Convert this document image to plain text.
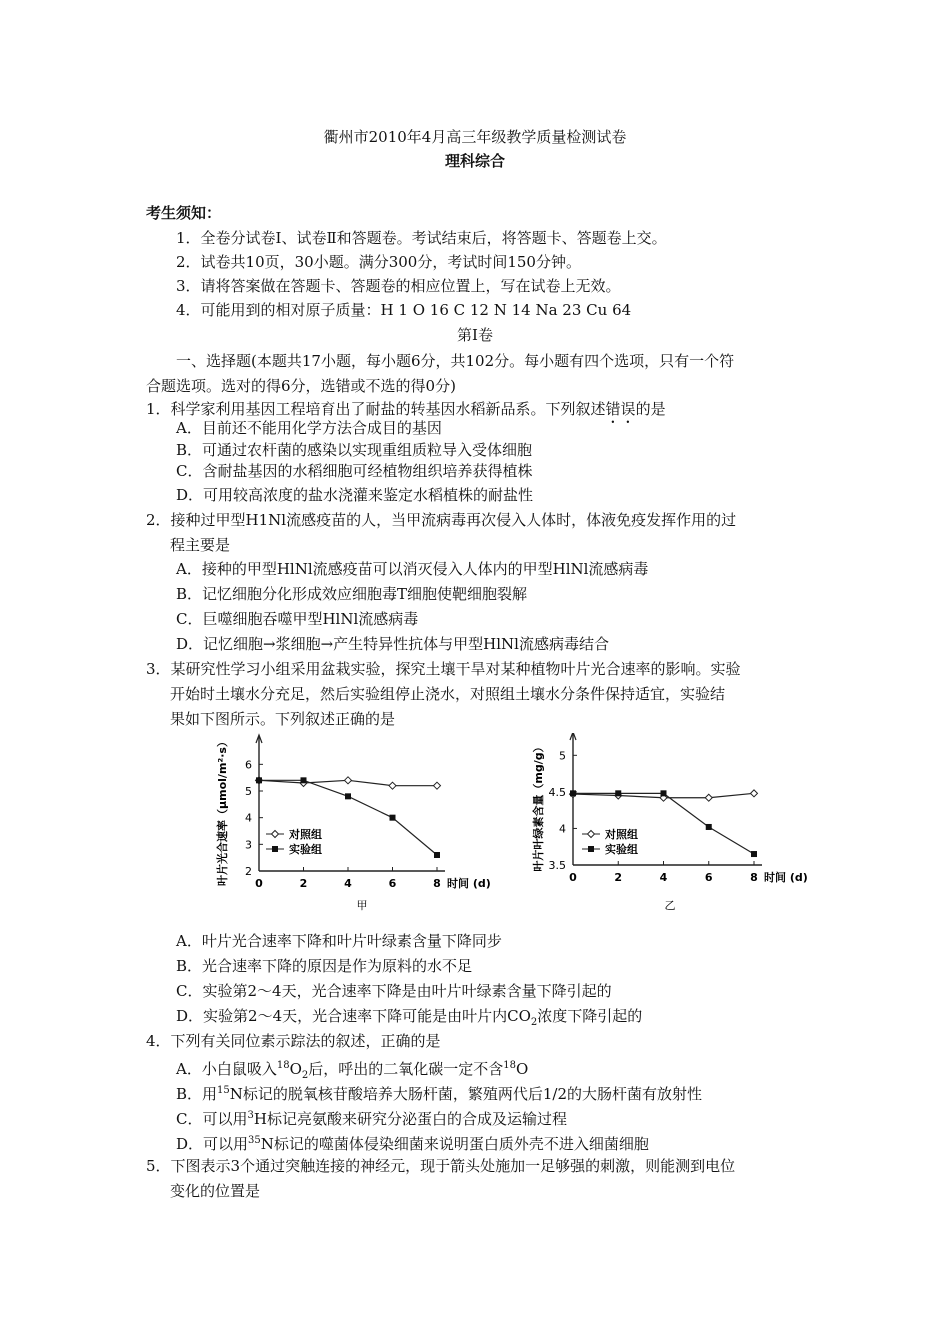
衢州市2010年4月高三年级教学质量检测试卷
理科综合
考生须知：
1．全卷分试卷Ⅰ、试卷Ⅱ和答题卷。考试结束后，将答题卡、答题卷上交。
2．试卷共10页，30小题。满分300分，考试时间150分钟。
3．请将答案做在答题卡、答题卷的相应位置上，写在试卷上无效。
4．可能用到的相对原子质量：H 1 O 16 C 12 N 14 Na 23 Cu 64
第Ⅰ卷
一、选择题(本题共17小题，每小题6分，共102分。每小题有四个选项，只有一个符
合题选项。选对的得6分，选错或不选的得0分)
1．科学家利用基因工程培育出了耐盐的转基因水稻新品系。下列叙述错误的是
A．目前还不能用化学方法合成目的基因
B．可通过农杆菌的感染以实现重组质粒导入受体细胞
C．含耐盐基因的水稻细胞可经植物组织培养获得植株
D．可用较高浓度的盐水浇灌来鉴定水稻植株的耐盐性
2．接种过甲型H1Nl流感疫苗的人，当甲流病毒再次侵入人体时，体液免疫发挥作用的过
程主要是
A．接种的甲型HlNl流感疫苗可以消灭侵入人体内的甲型HlNl流感病毒
B．记忆细胞分化形成效应细胞毒T细胞使靶细胞裂解
C．巨噬细胞吞噬甲型HlNl流感病毒
D．记忆细胞→浆细胞→产生特异性抗体与甲型HlNl流感病毒结合
3．某研究性学习小组采用盆栽实验，探究土壤干旱对某种植物叶片光合速率的影响。实验
开始时土壤水分充足，然后实验组停止浇水，对照组土壤水分条件保持适宜，实验结
果如下图所示。下列叙述正确的是
0	2	4	6	8 时间 (d)
2
3
4
5
6
叶片光合速率（μmol/m²·s）	对照组
实验组
甲
0	2	4	6	8 时间 (d)
3.5
4
4.5
5
叶片叶绿素含量（mg/g）	对照组
实验组
乙
A．叶片光合速率下降和叶片叶绿素含量下降同步
B．光合速率下降的原因是作为原料的水不足
C．实验第2～4天，光合速率下降是由叶片叶绿素含量下降引起的
D．实验第2～4天，光合速率下降可能是由叶片内$CO_2$浓度下降引起的
4．下列有关同位素示踪法的叙述，正确的是
A．小白鼠吸入$^{18}O_2$后，呼出的二氧化碳一定不含$^{18}$O
B．用$^{15}$N标记的脱氧核苷酸培养大肠杆菌，繁殖两代后1/2的大肠杆菌有放射性
C．可以用$^3$H标记亮氨酸来研究分泌蛋白的合成及运输过程
D．可以用$^{35}$N标记的噬菌体侵染细菌来说明蛋白质外壳不进入细菌细胞
5．下图表示3个通过突触连接的神经元，现于箭头处施加一足够强的刺激，则能测到电位
变化的位置是
